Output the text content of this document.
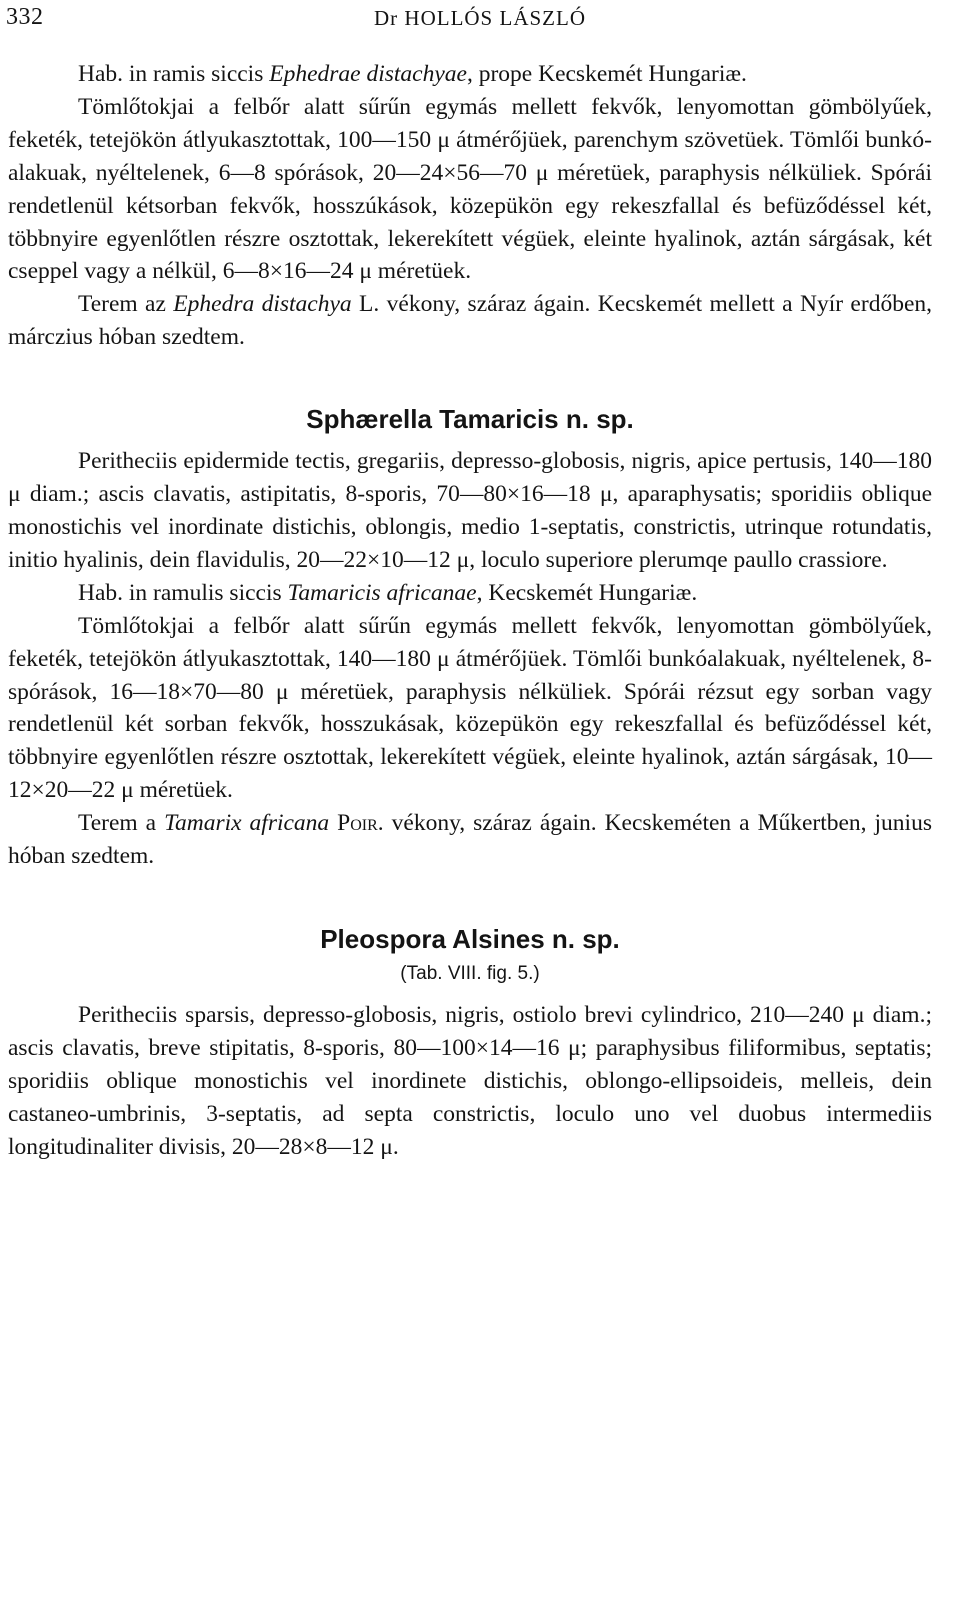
332	Dr HOLLÓS LÁSZLÓ

Hab. in ramis siccis Ephedrae distachyae, prope Kecskemét Hungariæ.

Tömlőtokjai a felbőr alatt sűrűn egymás mellett fekvők, lenyomottan gömbölyűek, feketék, tetejökön átlyukasztottak, 100—150 μ átmérőjüek, parenchym szövetüek. Tömlői bunkó-alakuak, nyéltelenek, 6—8 spórások, 20—24×56—70 μ méretüek, paraphysis nélküliek. Spórái rendetlenül kétsorban fekvők, hosszúkások, közepükön egy rekeszfallal és befüződéssel két, többnyire egyenlőtlen részre osztottak, lekerekített végüek, eleinte hyalinok, aztán sárgásak, két cseppel vagy a nélkül, 6—8×16—24 μ méretüek.

Terem az Ephedra distachya L. vékony, száraz ágain. Kecskemét mellett a Nyír erdőben, márczius hóban szedtem.

Sphærella Tamaricis n. sp.

Peritheciis epidermide tectis, gregariis, depresso-globosis, nigris, apice pertusis, 140—180 μ diam.; ascis clavatis, astipitatis, 8-sporis, 70—80×16—18 μ, aparaphysatis; sporidiis oblique monostichis vel inordinate distichis, oblongis, medio 1-septatis, constrictis, utrinque rotundatis, initio hyalinis, dein flavidulis, 20—22×10—12 μ, loculo superiore plerumqe paullo crassiore.

Hab. in ramulis siccis Tamaricis africanae, Kecskemét Hungariæ.

Tömlőtokjai a felbőr alatt sűrűn egymás mellett fekvők, lenyomottan gömbölyűek, feketék, tetejökön átlyukasztottak, 140—180 μ átmérőjüek. Tömlői bunkóalakuak, nyéltelenek, 8-spórások, 16—18×70—80 μ méretüek, paraphysis nélküliek. Spórái rézsut egy sorban vagy rendetlenül két sorban fekvők, hosszukásak, közepükön egy rekeszfallal és befüződéssel két, többnyire egyenlőtlen részre osztottak, lekerekített végüek, eleinte hyalinok, aztán sárgásak, 10—12×20—22 μ méretüek.

Terem a Tamarix africana Poir. vékony, száraz ágain. Kecskeméten a Műkertben, junius hóban szedtem.

Pleospora Alsines n. sp.
(Tab. VIII. fig. 5.)

Peritheciis sparsis, depresso-globosis, nigris, ostiolo brevi cylindrico, 210—240 μ diam.; ascis clavatis, breve stipitatis, 8-sporis, 80—100×14—16 μ; paraphysibus filiformibus, septatis; sporidiis oblique monostichis vel inordinete distichis, oblongo-ellipsoideis, melleis, dein castaneo-umbrinis, 3-septatis, ad septa constrictis, loculo uno vel duobus intermediis longitudinaliter divisis, 20—28×8—12 μ.
